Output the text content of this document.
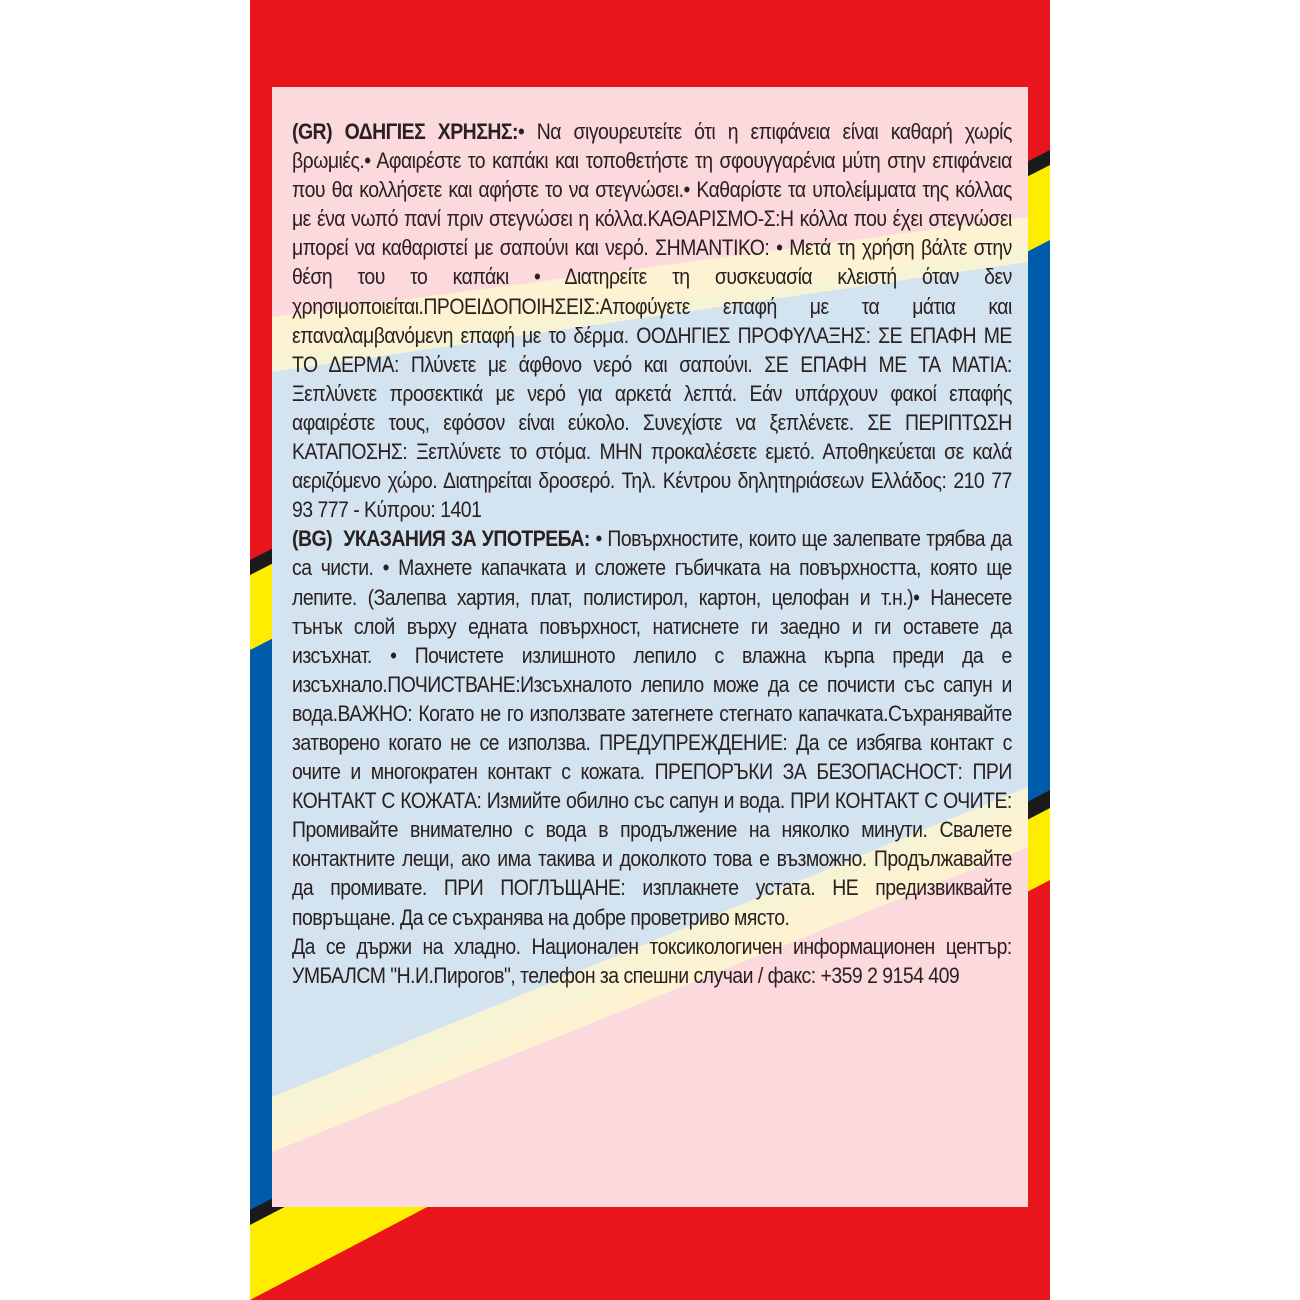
(GR) ΟΔΗΓΙΕΣ ΧΡΗΣΗΣ:• Να σιγουρευτείτε ότι η επιφάνεια είναι καθαρή χωρίς βρωμιές.• Αφαιρέστε το καπάκι και τοποθετήστε τη σφουγγαρένια μύτη στην επιφάνεια που θα κολλήσετε και αφήστε το να στεγνώσει.• Καθαρίστε τα υπολείμματα της κόλλας με ένα νωπό πανί πριν στεγνώσει η κόλλα.ΚΑΘΑΡΙΣΜΟ-Σ:Η κόλλα που έχει στεγνώσει μπορεί να καθαριστεί με σαπούνι και νερό. ΣΗΜΑΝΤΙΚΟ: • Μετά τη χρήση βάλτε στην θέση του το καπάκι • Διατηρείτε τη συσκευασία κλειστή όταν δεν χρησιμοποιείται.ΠΡΟΕΙΔΟΠΟΙΗΣΕΙΣ:Αποφύγετε επαφή με τα μάτια και επαναλαμβανόμενη επαφή με το δέρμα. ΟΟΔΗΓΙΕΣ ΠΡΟΦΥΛΑΞΗΣ: ΣΕ ΕΠΑΦΗ ΜΕ ΤΟ ΔΕΡΜΑ: Πλύνετε με άφθονο νερό και σαπούνι. ΣΕ ΕΠΑΦΗ ΜΕ ΤΑ ΜΑΤΙΑ: Ξεπλύνετε προσεκτικά με νερό για αρκετά λεπτά. Εάν υπάρχουν φακοί επαφής αφαιρέστε τους, εφόσον είναι εύκολο. Συνεχίστε να ξεπλένετε. ΣΕ ΠΕΡΙΠΤΩΣΗ ΚΑΤΑΠΟΣΗΣ: Ξεπλύνετε το στόμα. ΜΗΝ προκαλέσετε εμετό. Αποθηκεύεται σε καλά αεριζόμενο χώρο. Διατηρείται δροσερό. Τηλ. Κέντρου δηλητηριάσεων Ελλάδος: 210 77 93 777 - Κύπρου: 1401

(BG) УКАЗАНИЯ ЗА УПОТРЕБА: • Повърхностите, които ще залепвате трябва да са чисти. • Махнете капачката и сложете гъбичката на повърхността, която ще лепите. (Залепва хартия, плат, полистирол, картон, целофан и т.н.)• Нанесете тънък слой върху едната повърхност, натиснете ги заедно и ги оставете да изсъхнат. • Почистете излишното лепило с влажна кърпа преди да е изсъхнало.ПОЧИСТВАНЕ:Изсъхналото лепило може да се почисти със сапун и вода.ВАЖНО: Когато не го използвате затегнете стегнато капачката.Съхранявайте затворено когато не се използва. ПРЕДУПРЕЖДЕНИЕ: Да се избягва контакт с очите и многократен контакт с кожата. ПРЕПОРЪКИ ЗА БЕЗОПАСНОСТ: ПРИ КОНТАКТ С КОЖАТА: Измийте обилно със сапун и вода. ПРИ КОНТАКТ С ОЧИТЕ: Промивайте внимателно с вода в продължение на няколко минути. Свалете контактните лещи, ако има такива и доколкото това е възможно. Продължавайте да промивате. ПРИ ПОГЛЪЩАНЕ: изплакнете устата. НЕ предизвиквайте повръщане. Да се съхранява на добре проветриво място.

Да се държи на хладно. Национален токсикологичен информационен център: УМБАЛСМ "Н.И.Пирогов", телефон за спешни случаи / факс: +359 2 9154 409
